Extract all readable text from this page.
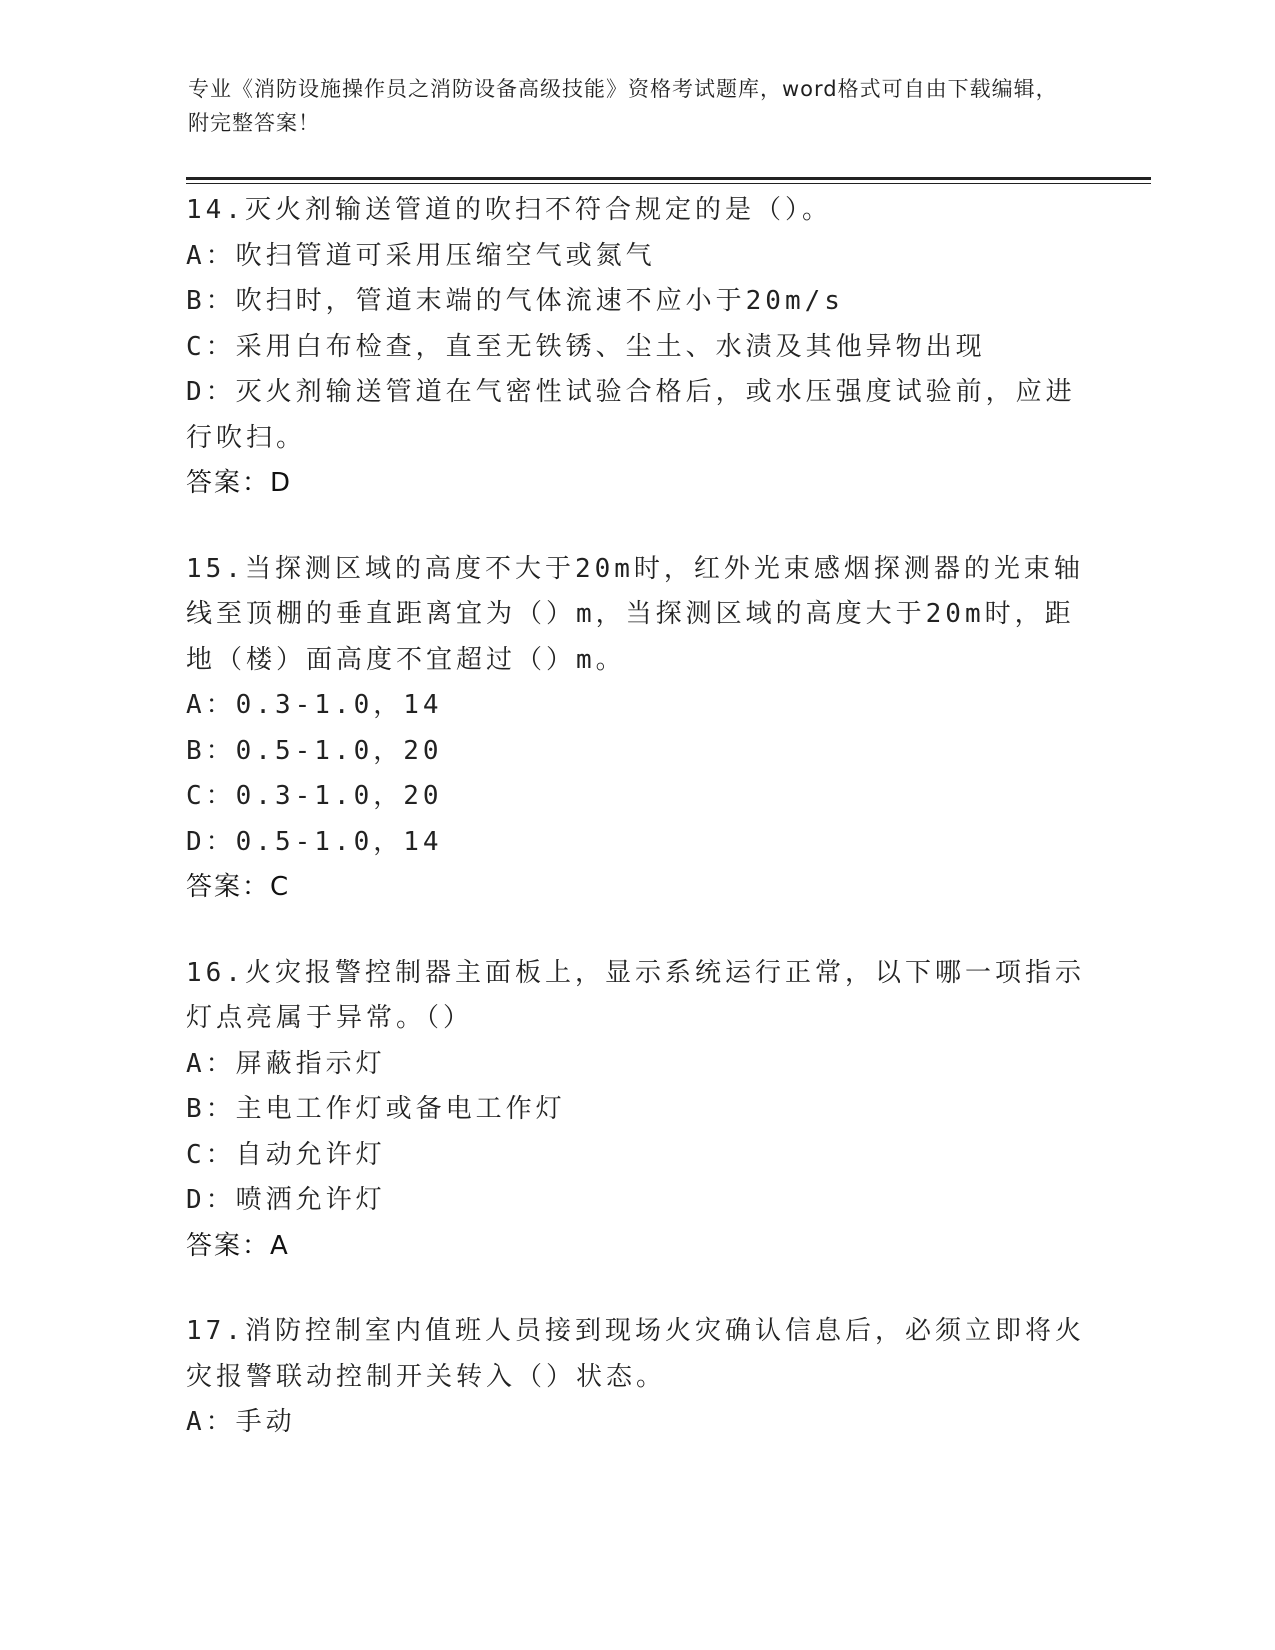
专业《消防设施操作员之消防设备高级技能》资格考试题库，word格式可自由下载编辑，附完整答案！
14.灭火剂输送管道的吹扫不符合规定的是（）。
A：吹扫管道可采用压缩空气或氮气
B：吹扫时，管道末端的气体流速不应小于20m/s
C：采用白布检查，直至无铁锈、尘土、水渍及其他异物出现
D：灭火剂输送管道在气密性试验合格后，或水压强度试验前，应进行吹扫。
答案：D
15.当探测区域的高度不大于20m时，红外光束感烟探测器的光束轴线至顶棚的垂直距离宜为（）m，当探测区域的高度大于20m时，距地（楼）面高度不宜超过（）m。
A：0.3-1.0，14
B：0.5-1.0，20
C：0.3-1.0，20
D：0.5-1.0，14
答案：C
16.火灾报警控制器主面板上，显示系统运行正常，以下哪一项指示灯点亮属于异常。（）
A：屏蔽指示灯
B：主电工作灯或备电工作灯
C：自动允许灯
D：喷洒允许灯
答案：A
17.消防控制室内值班人员接到现场火灾确认信息后，必须立即将火灾报警联动控制开关转入（）状态。
A：手动
